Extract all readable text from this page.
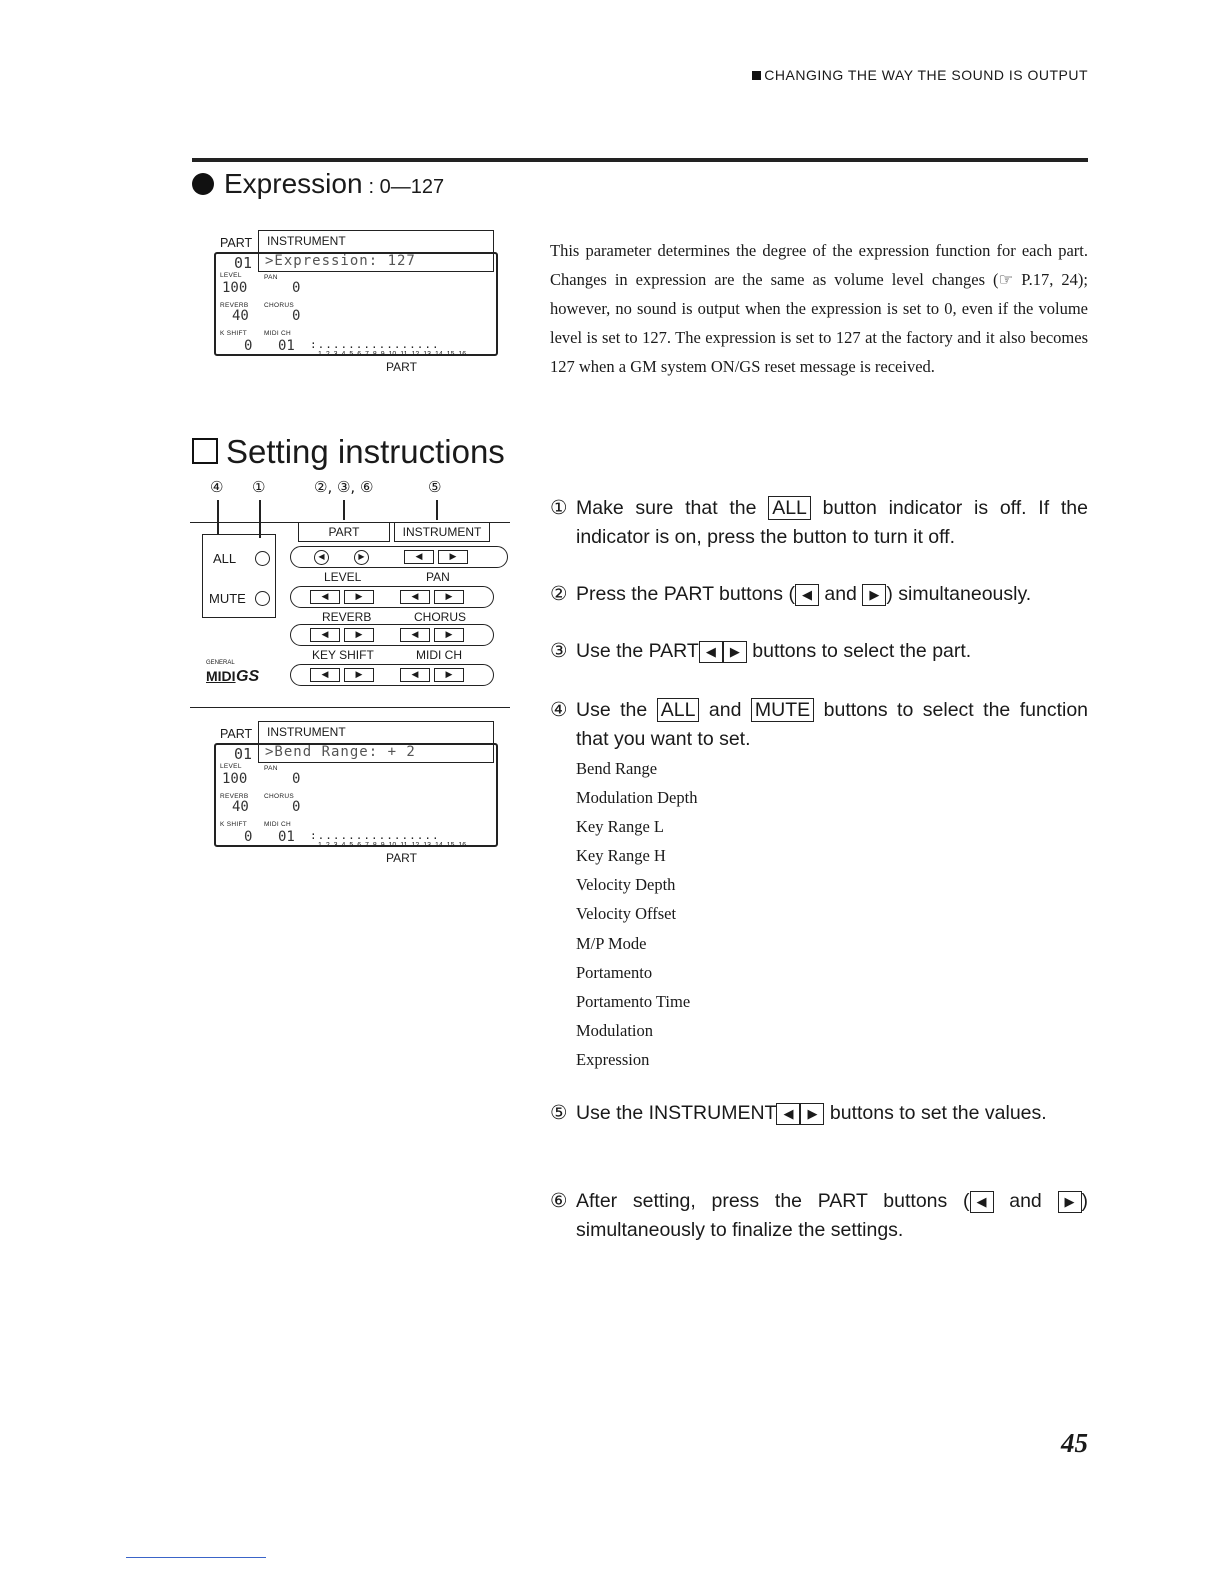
CHANGING THE WAY THE SOUND IS OUTPUT
Expression : 0—127
PART	INSTRUMENT
>Expression: 127
01
LEVEL	PAN
100	0
REVERB CHORUS
40	0
K SHIFT	MIDI CH
0 01 :................
1 2 3 4 5 6 7 8 9 10 11 12 13 14 15 16
PART
This parameter determines the degree of the expression function for each part. Changes in expression are the same as volume level changes (☞ P.17, 24); however, no sound is output when the expression is set to 0, even if the volume level is set to 127. The expression is set to 127 at the factory and it also becomes 127 when a GM system ON/GS reset message is received.
Setting instructions
④ ①	②, ③, ⑥	⑤
ALL
MUTE
GENERAL
MIDI GS
PART	INSTRUMENT
◀	▶	◀	▶
LEVEL	PAN
◀	▶	◀	▶
REVERB	CHORUS
◀	▶	◀	▶
KEY SHIFT	MIDI CH
◀	▶	◀	▶
PART	INSTRUMENT
>Bend Range: + 2
01
LEVEL	PAN
100	0
REVERB CHORUS
40	0
K SHIFT	MIDI CH
0 01 :................
1 2 3 4 5 6 7 8 9 10 11 12 13 14 15 16
PART
① Make sure that the ALL button indicator is off. If the indicator is on, press the button to turn it off.
② Press the PART buttons ( ◀ and ▶ ) simultaneously.
③ Use the PART ◀ ▶ buttons to select the part.
④ Use the ALL and MUTE buttons to select the function that you want to set.
Bend Range
Modulation Depth
Key Range L
Key Range H
Velocity Depth
Velocity Offset
M/P Mode
Portamento
Portamento Time
Modulation
Expression
⑤ Use the INSTRUMENT ◀ ▶ buttons to set the values.
⑥ After setting, press the PART buttons ( ◀ and ▶ ) simultaneously to finalize the settings.
45
